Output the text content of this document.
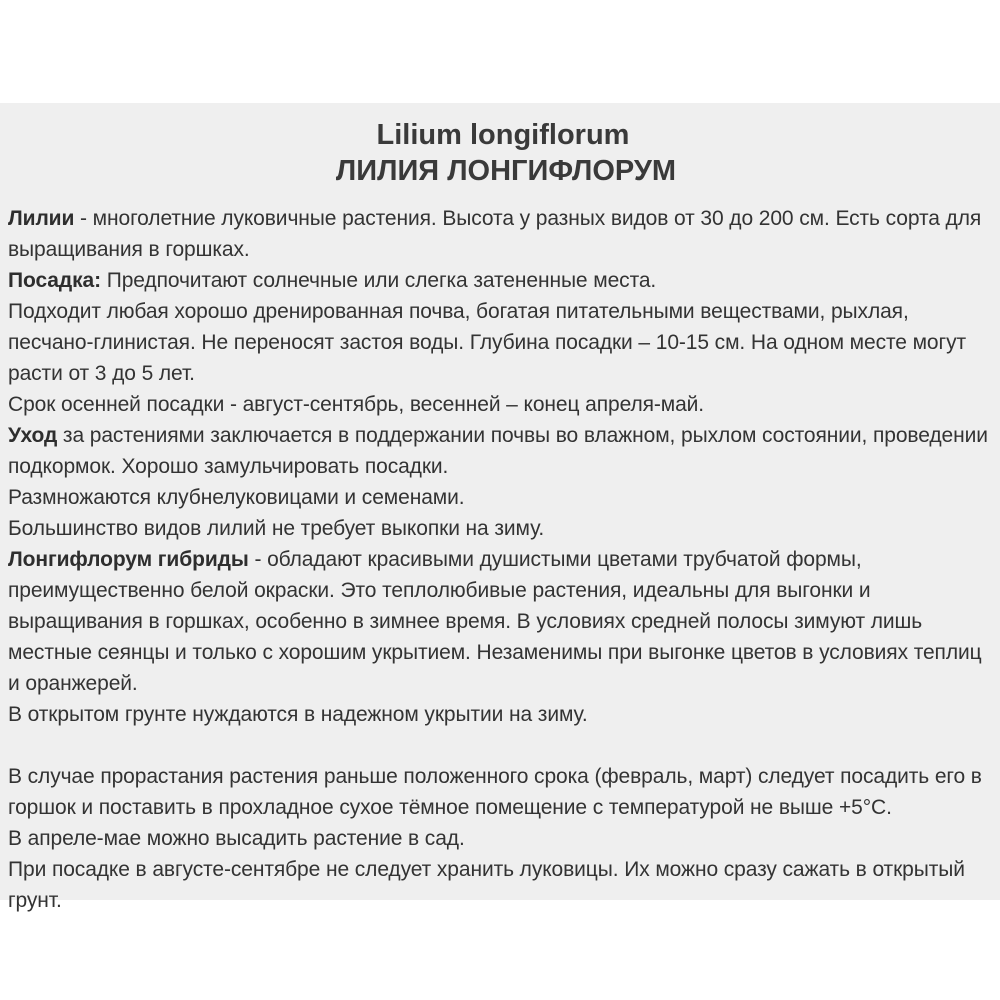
Lilium longiflorum
ЛИЛИЯ ЛОНГИФЛОРУМ

Лилии - многолетние луковичные растения. Высота у разных видов от 30 до 200 см. Есть сорта для выращивания в горшках.

Посадка: Предпочитают солнечные или слегка затененные места.

Подходит любая хорошо дренированная почва, богатая питательными веществами, рыхлая, песчано-глинистая. Не переносят застоя воды. Глубина посадки – 10-15 см. На одном месте могут расти от 3 до 5 лет.

Срок осенней посадки - август-сентябрь, весенней – конец апреля-май.

Уход за растениями заключается в поддержании почвы во влажном, рыхлом состоянии, проведении подкормок. Хорошо замульчировать посадки.

Размножаются клубнелуковицами и семенами.

Большинство видов лилий не требует выкопки на зиму.

Лонгифлорум гибриды - обладают красивыми душистыми цветами трубчатой формы, преимущественно белой окраски. Это теплолюбивые растения, идеальны для выгонки и выращивания в горшках, особенно в зимнее время. В условиях средней полосы зимуют лишь местные сеянцы и только с хорошим укрытием. Незаменимы при выгонке цветов в условиях теплиц и оранжерей.

В открытом грунте нуждаются в надежном укрытии на зиму.

В случае прорастания растения раньше положенного срока (февраль, март) следует посадить его в горшок и поставить в прохладное сухое тёмное помещение с температурой не выше +5°С.

В апреле-мае можно высадить растение в сад.

При посадке в августе-сентябре не следует хранить луковицы. Их можно сразу сажать в открытый грунт.
